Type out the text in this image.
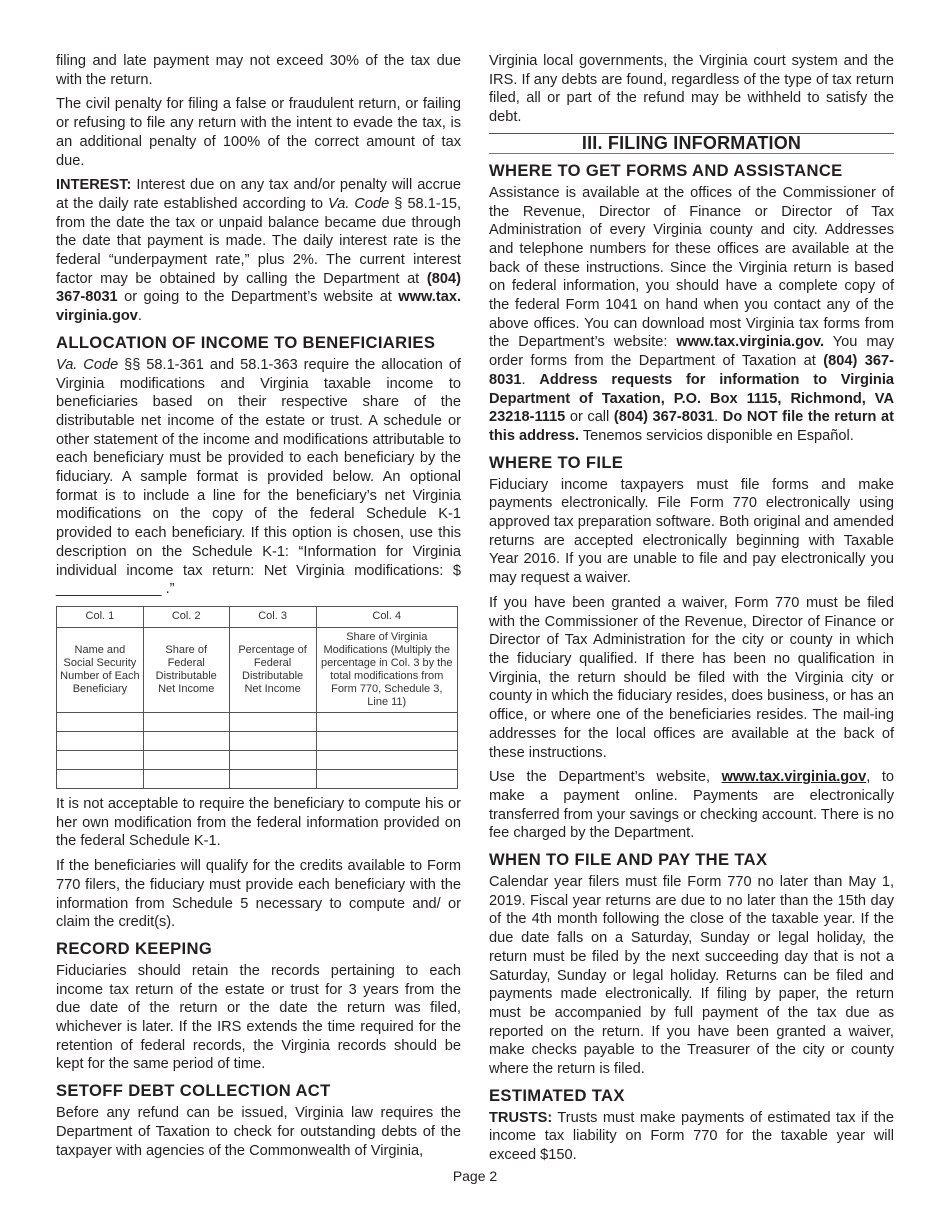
filing and late payment may not exceed 30% of the tax due with the return.

The civil penalty for filing a false or fraudulent return, or failing or refusing to file any return with the intent to evade the tax, is an additional penalty of 100% of the correct amount of tax due.

INTEREST: Interest due on any tax and/or penalty will accrue at the daily rate established according to Va. Code § 58.1-15, from the date the tax or unpaid balance became due through the date that payment is made. The daily interest rate is the federal “underpayment rate,” plus 2%. The current interest factor may be obtained by calling the Department at (804) 367-8031 or going to the Department’s website at www.tax. virginia.gov.

ALLOCATION OF INCOME TO BENEFICIARIES

Va. Code §§ 58.1-361 and 58.1-363 require the allocation of Virginia modifications and Virginia taxable income to beneficiaries based on their respective share of the distributable net income of the estate or trust. A schedule or other statement of the income and modifications attributable to each beneficiary must be provided to each beneficiary by the fiduciary. A sample format is provided below. An optional format is to include a line for the beneficiary’s net Virginia modifications on the copy of the federal Schedule K-1 provided to each beneficiary. If this option is chosen, use this description on the Schedule K-1: “Information for Virginia individual income tax return: Net Virginia modifications: $ _____________ .”

Col. 1	Col. 2	Col. 3	Col. 4
Name and Social Security Number of Each Beneficiary	Share of Federal Distributable Net Income	Percentage of Federal Distributable Net Income	Share of Virginia Modifications (Multiply the percentage in Col. 3 by the total modifications from Form 770, Schedule 3, Line 11)

It is not acceptable to require the beneficiary to compute his or her own modification from the federal information provided on the federal Schedule K-1.

If the beneficiaries will qualify for the credits available to Form 770 filers, the fiduciary must provide each beneficiary with the information from Schedule 5 necessary to compute and/ or claim the credit(s).

RECORD KEEPING

Fiduciaries should retain the records pertaining to each income tax return of the estate or trust for 3 years from the due date of the return or the date the return was filed, whichever is later. If the IRS extends the time required for the retention of federal records, the Virginia records should be kept for the same period of time.

SETOFF DEBT COLLECTION ACT

Before any refund can be issued, Virginia law requires the Department of Taxation to check for outstanding debts of the taxpayer with agencies of the Commonwealth of Virginia,

Virginia local governments, the Virginia court system and the IRS. If any debts are found, regardless of the type of tax return filed, all or part of the refund may be withheld to satisfy the debt.

III. FILING INFORMATION
WHERE TO GET FORMS AND ASSISTANCE

Assistance is available at the offices of the Commissioner of the Revenue, Director of Finance or Director of Tax Administration of every Virginia county and city. Addresses and telephone numbers for these offices are available at the back of these instructions. Since the Virginia return is based on federal information, you should have a complete copy of the federal Form 1041 on hand when you contact any of the above offices. You can download most Virginia tax forms from the Department’s website: www.tax.virginia.gov. You may order forms from the Department of Taxation at (804) 367-8031. Address requests for information to Virginia Department of Taxation, P.O. Box 1115, Richmond, VA 23218-1115 or call (804) 367-8031. Do NOT file the return at this address. Tenemos servicios disponible en Español.

WHERE TO FILE

Fiduciary income taxpayers must file forms and make payments electronically. File Form 770 electronically using approved tax preparation software. Both original and amended returns are accepted electronically beginning with Taxable Year 2016. If you are unable to file and pay electronically you may request a waiver.

If you have been granted a waiver, Form 770 must be filed with the Commissioner of the Revenue, Director of Finance or Director of Tax Administration for the city or county in which the fiduciary qualified. If there has been no qualification in Virginia, the return should be filed with the Virginia city or county in which the fiduciary resides, does business, or has an office, or where one of the beneficiaries resides. The mail-ing addresses for the local offices are available at the back of these instructions.

Use the Department’s website, www.tax.virginia.gov, to make a payment online. Payments are electronically transferred from your savings or checking account. There is no fee charged by the Department.

WHEN TO FILE AND PAY THE TAX

Calendar year filers must file Form 770 no later than May 1, 2019. Fiscal year returns are due to no later than the 15th day of the 4th month following the close of the taxable year. If the due date falls on a Saturday, Sunday or legal holiday, the return must be filed by the next succeeding day that is not a Saturday, Sunday or legal holiday. Returns can be filed and payments made electronically. If filing by paper, the return must be accompanied by full payment of the tax due as reported on the return. If you have been granted a waiver, make checks payable to the Treasurer of the city or county where the return is filed.

ESTIMATED TAX

TRUSTS: Trusts must make payments of estimated tax if the income tax liability on Form 770 for the taxable year will exceed $150.

Page 2
